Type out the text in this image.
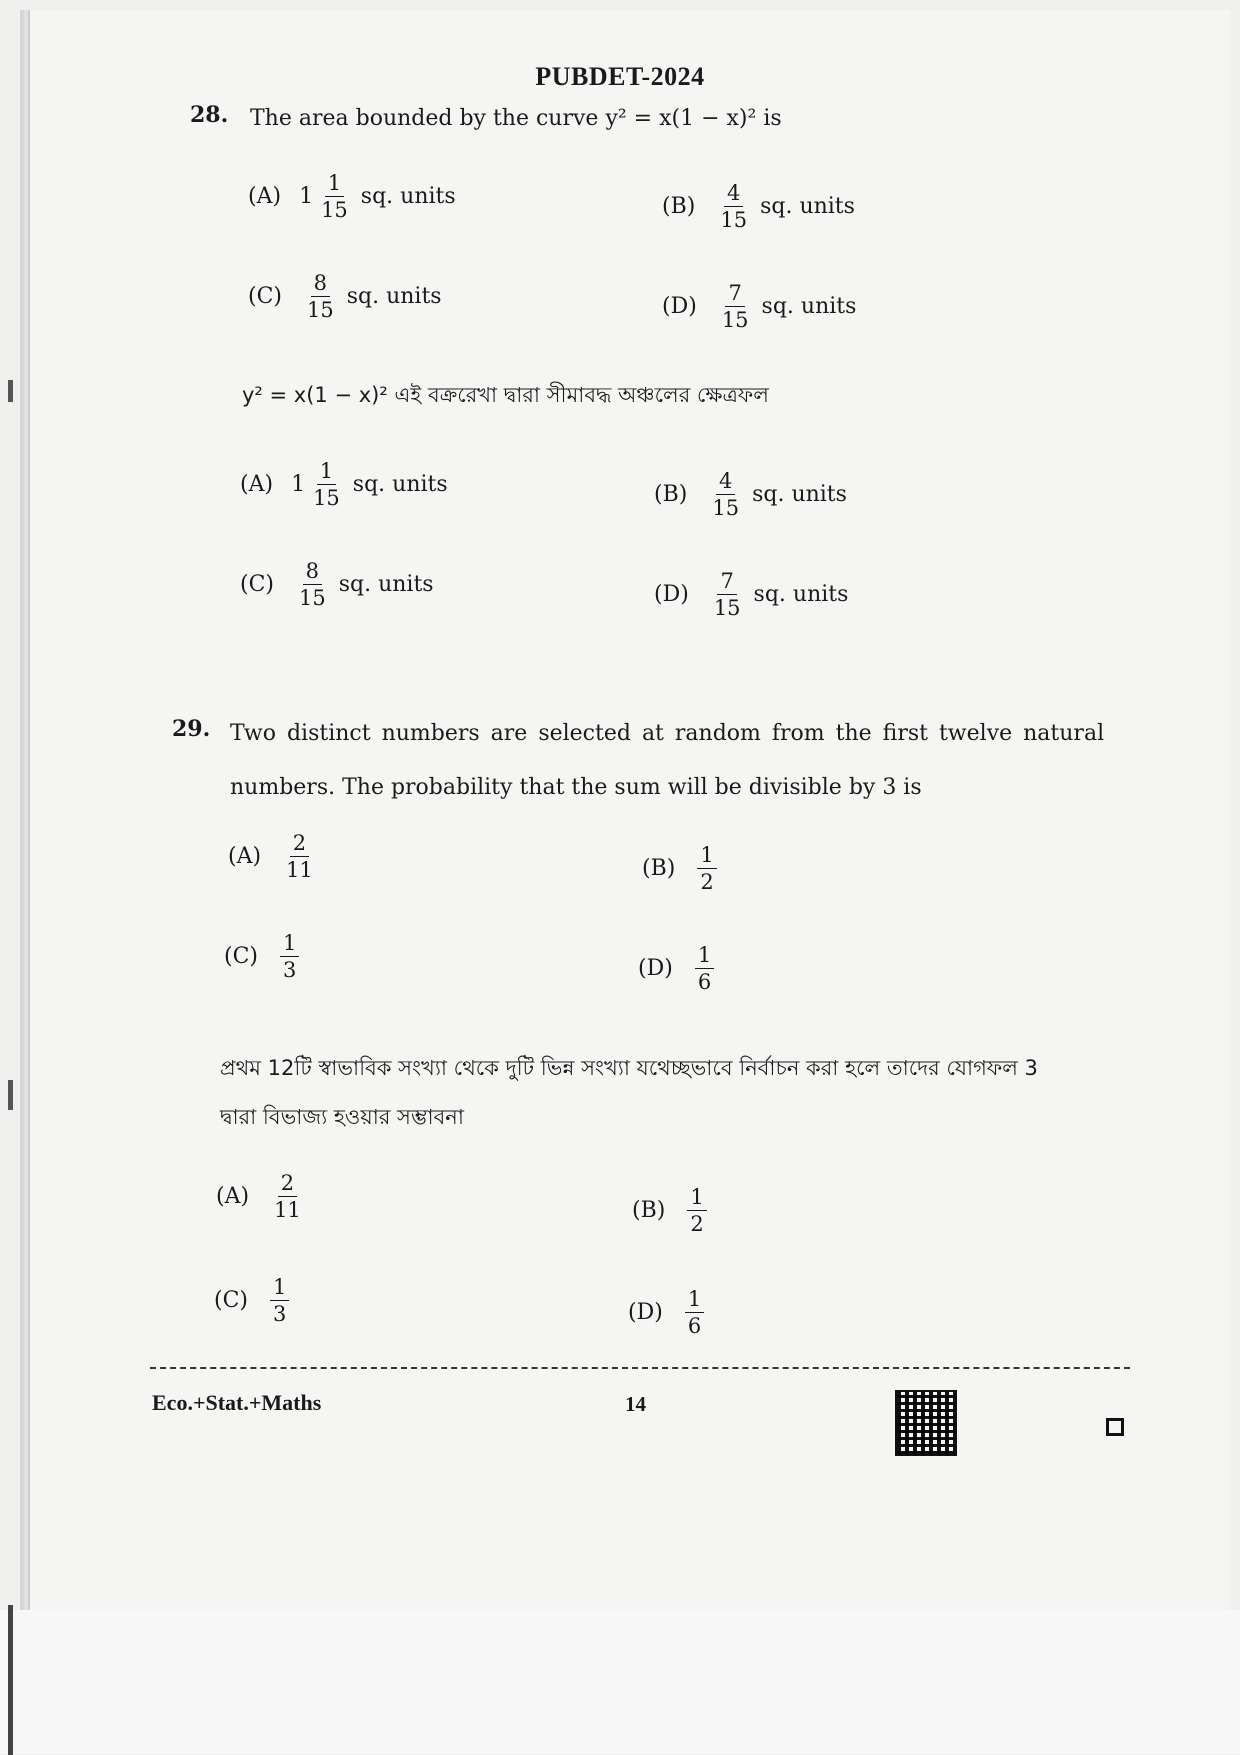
PUBDET-2024
28. The area bounded by the curve y² = x(1 − x)² is
(A) $1 \frac{1}{15}$ sq. units	$(B) \frac{4}{15}$ sq. units
$(C) \frac{8}{15}$ sq. units	$(D) \frac{7}{15}$ sq. units
y² = x(1 − x)² এই বক্ররেখা দ্বারা সীমাবদ্ধ অঞ্চলের ক্ষেত্রফল
(A) $1 \frac{1}{15}$ sq. units	$(B) \frac{4}{15}$ sq. units
$(C) \frac{8}{15}$ sq. units	$(D) \frac{7}{15}$ sq. units
29. Two distinct numbers are selected at random from the first twelve natural
numbers. The probability that the sum will be divisible by 3 is
$(A) \frac{2}{11}$	$(B) \frac{1}{2}$
$(C) \frac{1}{3}$	$(D) \frac{1}{6}$
প্রথম 12টি স্বাভাবিক সংখ্যা থেকে দুটি ভিন্ন সংখ্যা যথেচ্ছভাবে নির্বাচন করা হলে তাদের যোগফল 3
দ্বারা বিভাজ্য হওয়ার সম্ভাবনা
$(A) \frac{2}{11}$	$(B) \frac{1}{2}$
$(C) \frac{1}{3}$	$(D) \frac{1}{6}$
Eco.+Stat.+Maths	14
